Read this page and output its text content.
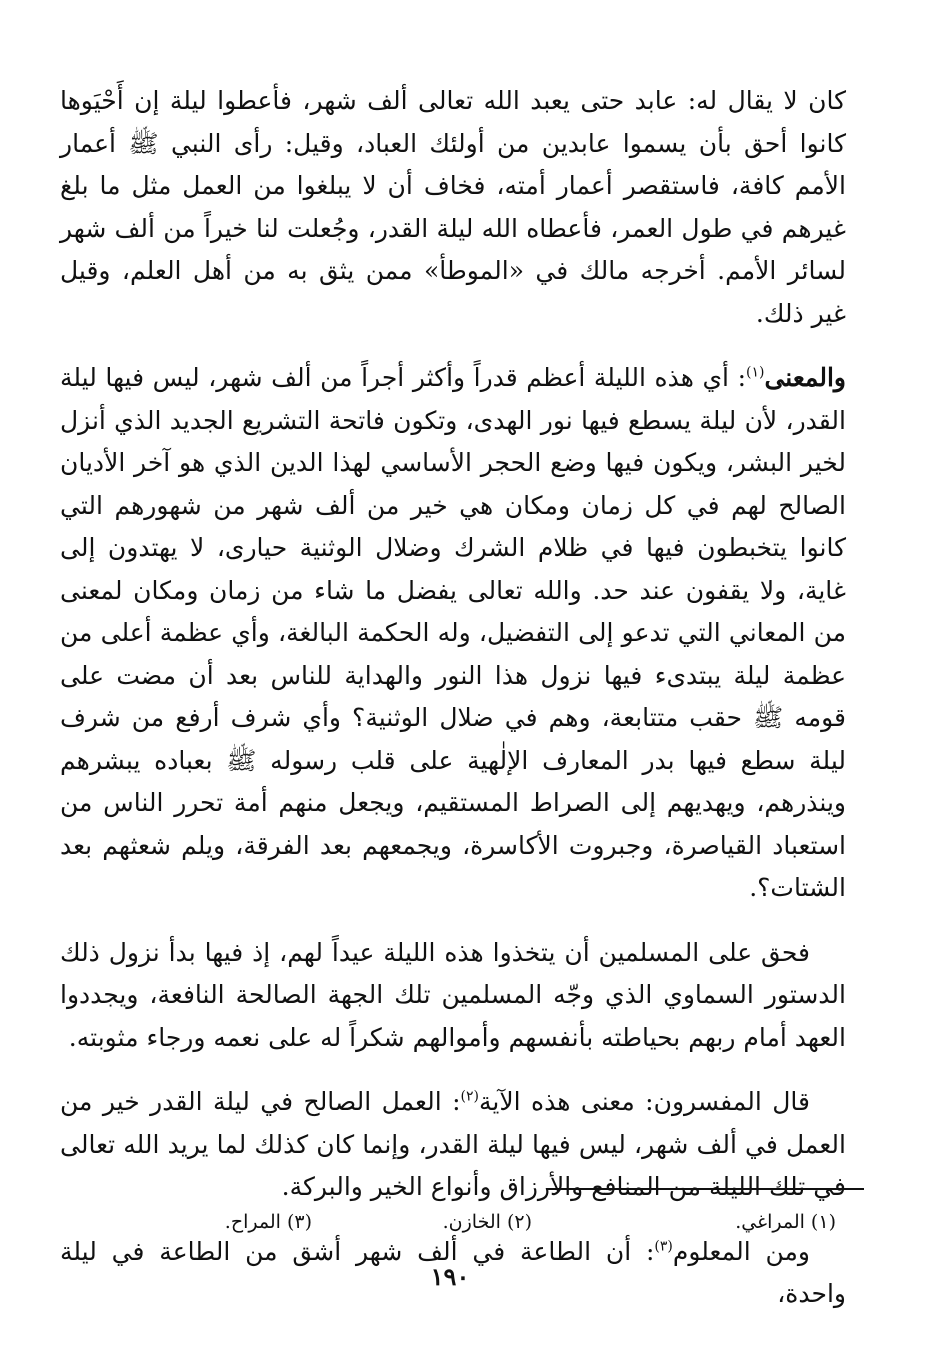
كان لا يقال له: عابد حتى يعبد الله تعالى ألف شهر، فأعطوا ليلة إن أَحْيَوها كانوا أحق بأن يسموا عابدين من أولئك العباد، وقيل: رأى النبي ﷺ أعمار الأمم كافة، فاستقصر أعمار أمته، فخاف أن لا يبلغوا من العمل مثل ما بلغ غيرهم في طول العمر، فأعطاه الله ليلة القدر، وجُعلت لنا خيراً من ألف شهر لسائر الأمم. أخرجه مالك في «الموطأ» ممن يثق به من أهل العلم، وقيل غير ذلك.

والمعنى$^{(١)}$: أي هذه الليلة أعظم قدراً وأكثر أجراً من ألف شهر، ليس فيها ليلة القدر، لأن ليلة يسطع فيها نور الهدى، وتكون فاتحة التشريع الجديد الذي أنزل لخير البشر، ويكون فيها وضع الحجر الأساسي لهذا الدين الذي هو آخر الأديان الصالح لهم في كل زمان ومكان هي خير من ألف شهر من شهورهم التي كانوا يتخبطون فيها في ظلام الشرك وضلال الوثنية حيارى، لا يهتدون إلى غاية، ولا يقفون عند حد. والله تعالى يفضل ما شاء من زمان ومكان لمعنى من المعاني التي تدعو إلى التفضيل، وله الحكمة البالغة، وأي عظمة أعلى من عظمة ليلة يبتدىء فيها نزول هذا النور والهداية للناس بعد أن مضت على قومه ﷺ حقب متتابعة، وهم في ضلال الوثنية؟ وأي شرف أرفع من شرف ليلة سطع فيها بدر المعارف الإلٰهية على قلب رسوله ﷺ بعباده يبشرهم وينذرهم، ويهديهم إلى الصراط المستقيم، ويجعل منهم أمة تحرر الناس من استعباد القياصرة، وجبروت الأكاسرة، ويجمعهم بعد الفرقة، ويلم شعثهم بعد الشتات؟.

فحق على المسلمين أن يتخذوا هذه الليلة عيداً لهم، إذ فيها بدأ نزول ذلك الدستور السماوي الذي وجّه المسلمين تلك الجهة الصالحة النافعة، ويجددوا العهد أمام ربهم بحياطته بأنفسهم وأموالهم شكراً له على نعمه ورجاء مثوبته.

قال المفسرون: معنى هذه الآية$^{(٢)}$: العمل الصالح في ليلة القدر خير من العمل في ألف شهر، ليس فيها ليلة القدر، وإنما كان كذلك لما يريد الله تعالى في تلك الليلة من المنافع والأرزاق وأنواع الخير والبركة.

ومن المعلوم$^{(٣)}$: أن الطاعة في ألف شهر أشق من الطاعة في ليلة واحدة،

(١) المراغي.
(٢) الخازن.
(٣) المراح.
١٩٠
